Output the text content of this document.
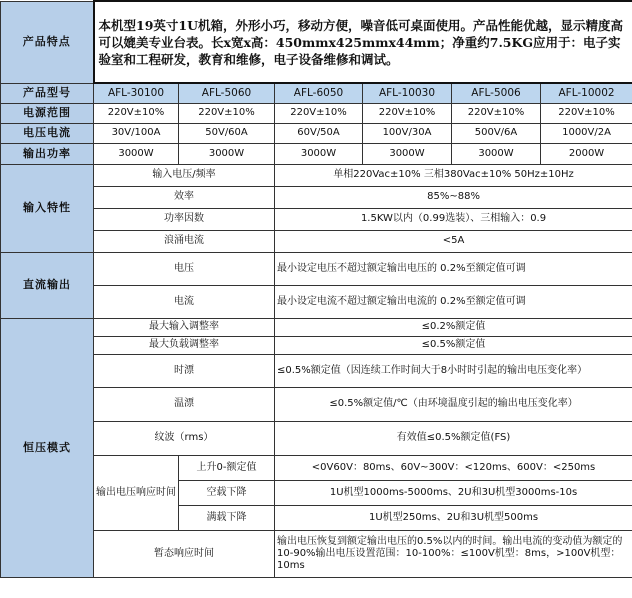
产品特点	本机型19英寸1U机箱，外形小巧，移动方便，噪音低可桌面使用。产品性能优越，显示精度高可以媲美专业台表。长x宽x高：450mmx425mmx44mm；净重约7.5KG应用于：电子实验室和工程研发，教育和维修，电子设备维修和调试。					
产品型号	AFL-30100	AFL-5060	AFL-6050	AFL-10030	AFL-5006	AFL-10002
电源范围	220V±10%	220V±10%	220V±10%	220V±10%	220V±10%	220V±10%
电压电流	30V/100A	50V/60A	60V/50A	100V/30A	500V/6A	1000V/2A
输出功率	3000W	3000W	3000W	3000W	3000W	2000W
输入特性	输入电压/频率		单相220Vac±10% 三相380Vac±10% 50Hz±10Hz			
	效率		85%~88%			
	功率因数		1.5KW以内（0.99选装）、三相输入：0.9			
	浪涌电流		<5A			
直流输出	电压		最小设定电压不超过额定输出电压的 0.2%至额定值可调			
	电流		最小设定电流不超过额定输出电流的 0.2%至额定值可调			
恒压模式	最大输入调整率		≤0.2%额定值			
	最大负载调整率		≤0.5%额定值			
	时漂		≤0.5%额定值（因连续工作时间大于8小时时引起的输出电压变化率）			
	温漂		≤0.5%额定值/℃（由环境温度引起的输出电压变化率）			
	纹波（rms）		有效值≤0.5%额定值(FS)			
	输出电压响应时间	上升0-额定值	<0V60V：80ms、60V~300V：<120ms、600V：<250ms			
		空载下降	1U机型1000ms-5000ms、2U和3U机型3000ms-10s			
		满载下降	1U机型250ms、2U和3U机型500ms			
	暂态响应时间		输出电压恢复到额定输出电压的0.5%以内的时间。输出电流的变动值为额定的10-90%输出电压设置范围：10-100%：≤100V机型：8ms，>100V机型：10ms			
